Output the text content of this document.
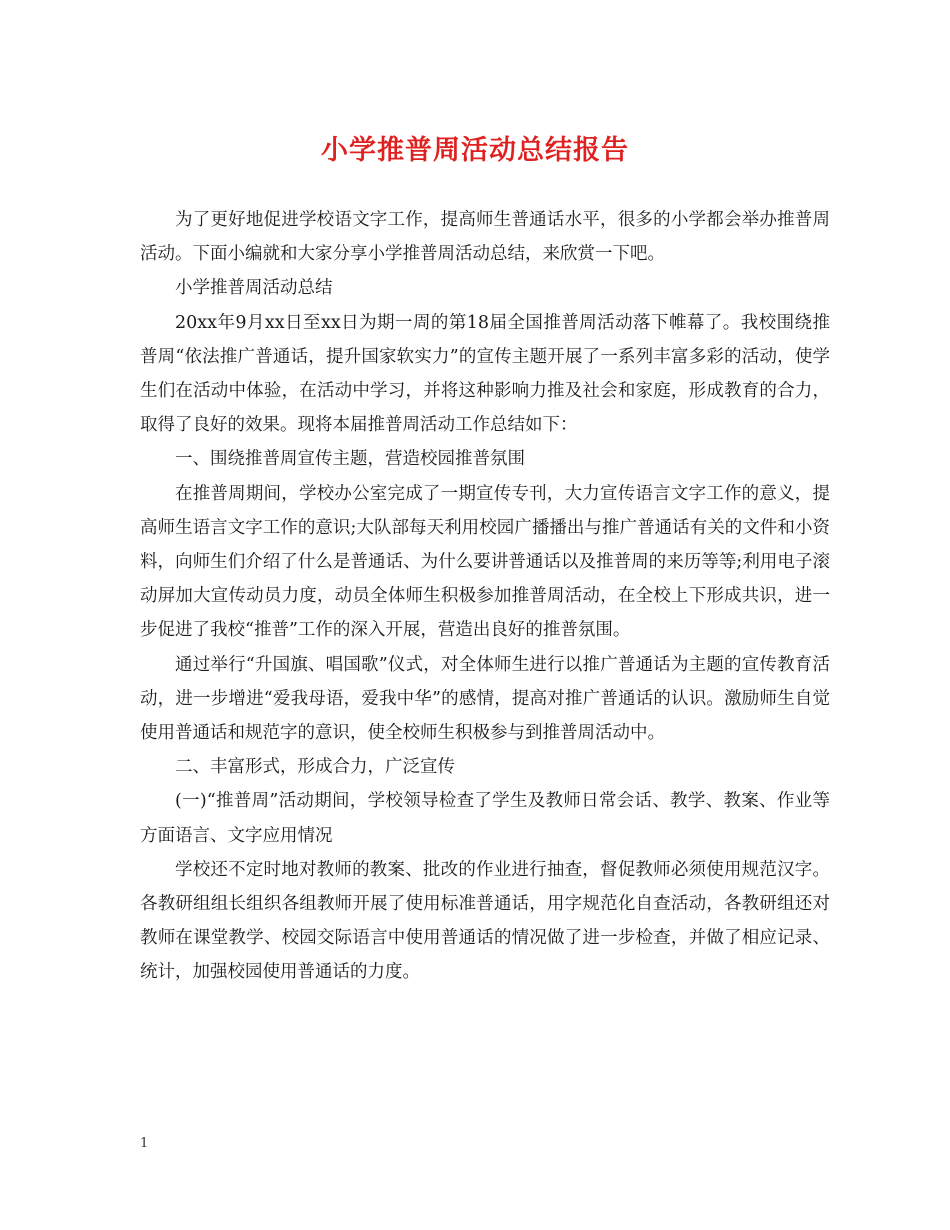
小学推普周活动总结报告

为了更好地促进学校语文字工作，提高师生普通话水平，很多的小学都会举办推普周活动。下面小编就和大家分享小学推普周活动总结，来欣赏一下吧。

小学推普周活动总结

20xx年9月xx日至xx日为期一周的第18届全国推普周活动落下帷幕了。我校围绕推普周“依法推广普通话，提升国家软实力”的宣传主题开展了一系列丰富多彩的活动，使学生们在活动中体验，在活动中学习，并将这种影响力推及社会和家庭，形成教育的合力，取得了良好的效果。现将本届推普周活动工作总结如下：

一、围绕推普周宣传主题，营造校园推普氛围

在推普周期间，学校办公室完成了一期宣传专刊，大力宣传语言文字工作的意义，提高师生语言文字工作的意识;大队部每天利用校园广播播出与推广普通话有关的文件和小资料，向师生们介绍了什么是普通话、为什么要讲普通话以及推普周的来历等等;利用电子滚动屏加大宣传动员力度，动员全体师生积极参加推普周活动，在全校上下形成共识，进一步促进了我校“推普”工作的深入开展，营造出良好的推普氛围。

通过举行“升国旗、唱国歌”仪式，对全体师生进行以推广普通话为主题的宣传教育活动，进一步增进“爱我母语，爱我中华”的感情，提高对推广普通话的认识。激励师生自觉使用普通话和规范字的意识，使全校师生积极参与到推普周活动中。

二、丰富形式，形成合力，广泛宣传

(一)“推普周”活动期间，学校领导检查了学生及教师日常会话、教学、教案、作业等方面语言、文字应用情况

学校还不定时地对教师的教案、批改的作业进行抽查，督促教师必须使用规范汉字。各教研组组长组织各组教师开展了使用标准普通话，用字规范化自查活动，各教研组还对教师在课堂教学、校园交际语言中使用普通话的情况做了进一步检查，并做了相应记录、统计，加强校园使用普通话的力度。

1
